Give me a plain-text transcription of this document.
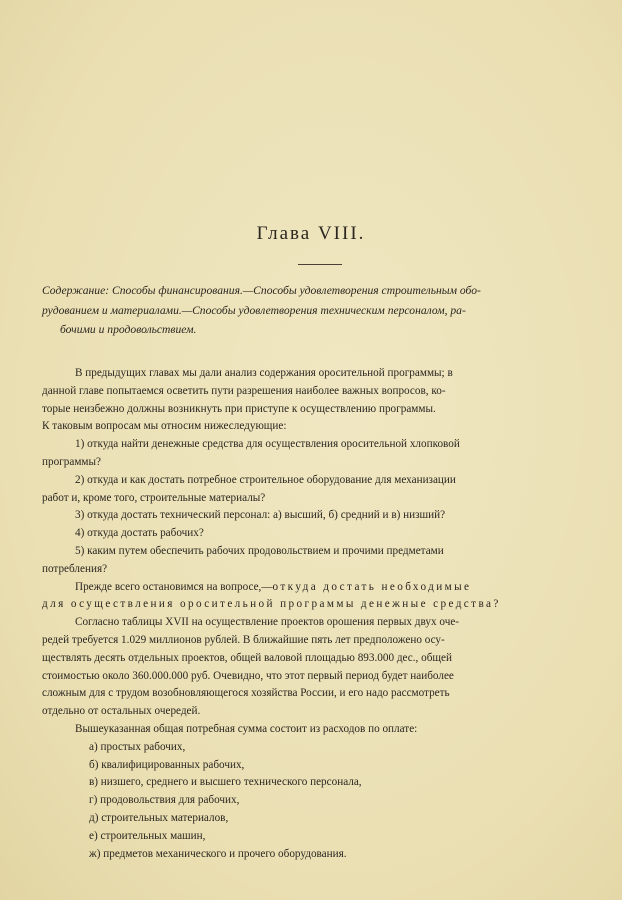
Глава VIII.
Содержание: Способы финансирования.—Способы удовлетворения строительным обо-
рудованием и материалами.—Способы удовлетворения техническим персоналом, ра-
бочими и продовольствием.
В предыдущих главах мы дали анализ содержания оросительной программы; в
данной главе попытаемся осветить пути разрешения наиболее важных вопросов, ко-
торые неизбежно должны возникнуть при приступе к осуществлению программы.
К таковым вопросам мы относим нижеследующие:
1) откуда найти денежные средства для осуществления оросительной хлопковой
программы?
2) откуда и как достать потребное строительное оборудование для механизации
работ и, кроме того, строительные материалы?
3) откуда достать технический персонал: а) высший, б) средний и в) низший?
4) откуда достать рабочих?
5) каким путем обеспечить рабочих продовольствием и прочими предметами
потребления?
Прежде всего остановимся на вопросе,—откуда достать необходимые
для осуществления оросительной программы денежные средства?
Согласно таблицы XVII на осуществление проектов орошения первых двух оче-
редей требуется 1.029 миллионов рублей. В ближайшие пять лет предположено осу-
ществлять десять отдельных проектов, общей валовой площадью 893.000 дес., общей
стоимостью около 360.000.000 руб. Очевидно, что этот первый период будет наиболее
сложным для с трудом возобновляющегося хозяйства России, и его надо рассмотреть
отдельно от остальных очередей.
Вышеуказанная общая потребная сумма состоит из расходов по оплате:
а) простых рабочих,
б) квалифицированных рабочих,
в) низшего, среднего и высшего технического персонала,
г) продовольствия для рабочих,
д) строительных материалов,
е) строительных машин,
ж) предметов механического и прочего оборудования.
